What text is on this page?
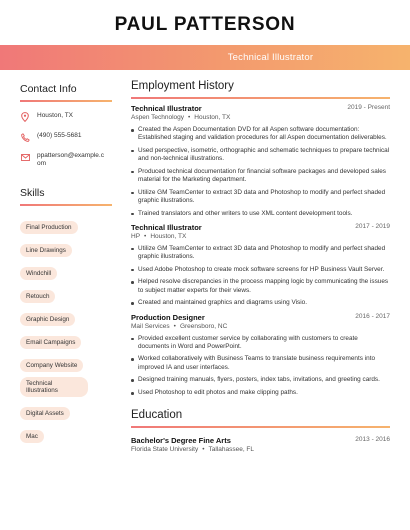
PAUL PATTERSON
Technical Illustrator
Contact Info
Houston, TX
(490) 555-5681
ppatterson@example.com
Skills
Final Production
Line Drawings
Windchill
Retouch
Graphic Design
Email Campaigns
Company Website
Technical Illustrations
Digital Assets
Mac
Employment History
Technical Illustrator	2019 - Present
Aspen Technology • Houston, TX
Created the Aspen Documentation DVD for all Aspen software documentation: Established staging and validation procedures for all Aspen documentation deliverables.
Used perspective, isometric, orthographic and schematic techniques to prepare technical and non-technical illustrations.
Produced technical documentation for financial software packages and developed sales material for the Marketing department.
Utilize GM TeamCenter to extract 3D data and Photoshop to modify and perfect shaded graphic illustrations.
Trained translators and other writers to use XML content development tools.
Technical Illustrator	2017 - 2019
HP • Houston, TX
Utilize GM TeamCenter to extract 3D data and Photoshop to modify and perfect shaded graphic illustrations.
Used Adobe Photoshop to create mock software screens for HP Business Vault Server.
Helped resolve discrepancies in the process mapping logic by communicating the issues to subject matter experts for their views.
Created and maintained graphics and diagrams using Visio.
Production Designer	2016 - 2017
Mail Services • Greensboro, NC
Provided excellent customer service by collaborating with customers to create documents in Word and PowerPoint.
Worked collaboratively with Business Teams to translate business requirements into improved IA and user interfaces.
Designed training manuals, flyers, posters, index tabs, invitations, and greeting cards.
Used Photoshop to edit photos and make clipping paths.
Education
Bachelor's Degree Fine Arts	2013 - 2016
Florida State University • Tallahassee, FL
